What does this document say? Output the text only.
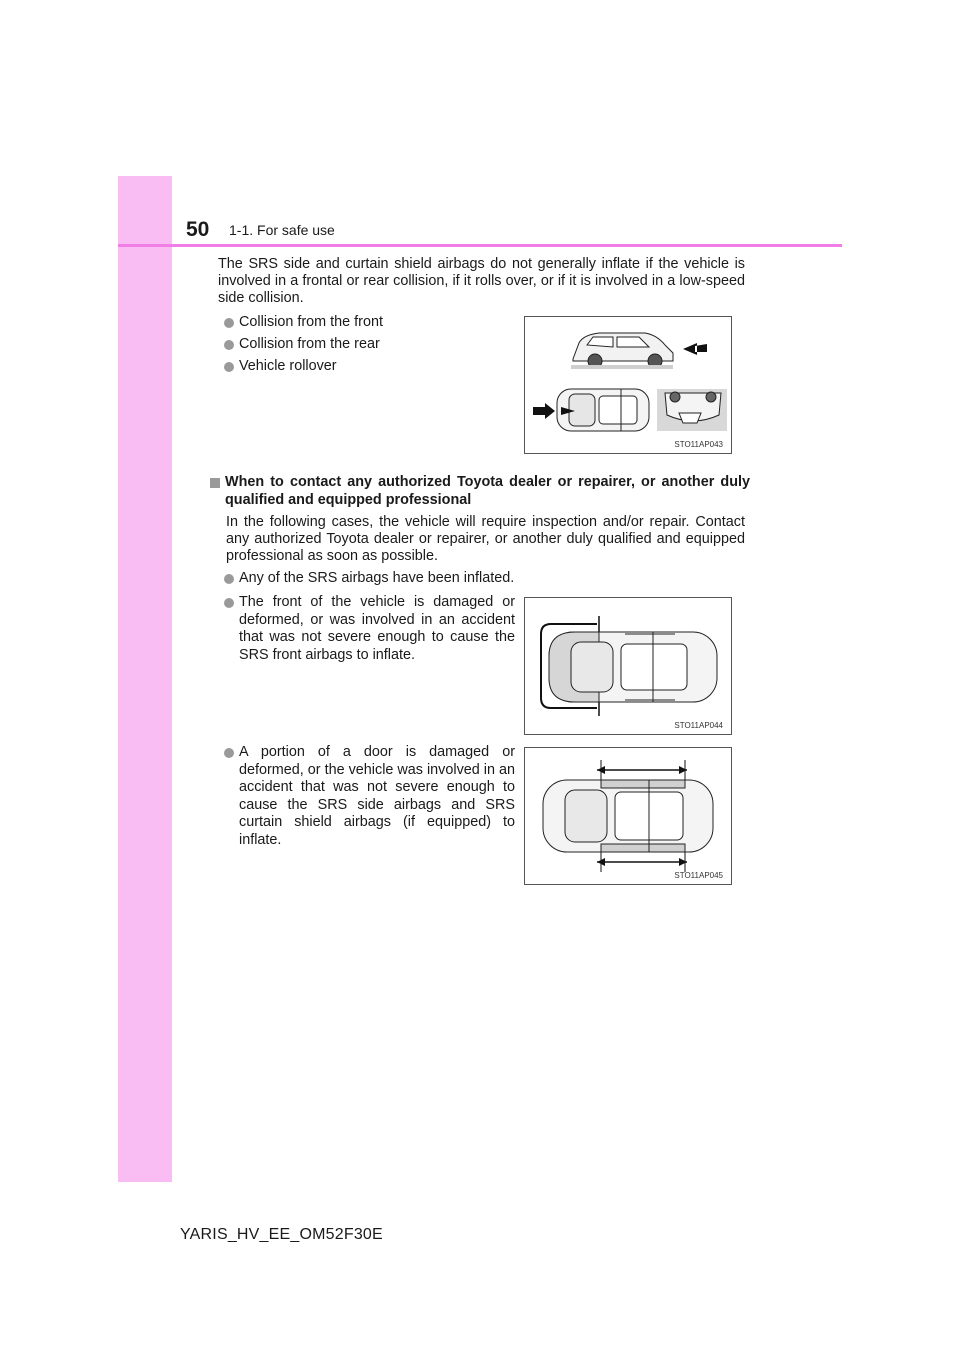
50 1-1. For safe use

The SRS side and curtain shield airbags do not generally inflate if the vehicle is involved in a frontal or rear collision, if it rolls over, or if it is involved in a low-speed side collision.

Collision from the front
Collision from the rear
Vehicle rollover
STO11AP043
When to contact any authorized Toyota dealer or repairer, or another duly qualified and equipped professional

In the following cases, the vehicle will require inspection and/or repair. Contact any authorized Toyota dealer or repairer, or another duly qualified and equipped professional as soon as possible.

Any of the SRS airbags have been inflated.
The front of the vehicle is damaged or deformed, or was involved in an accident that was not severe enough to cause the SRS front airbags to inflate.
STO11AP044
A portion of a door is damaged or deformed, or the vehicle was involved in an accident that was not severe enough to cause the SRS side airbags and SRS curtain shield airbags (if equipped) to inflate.
STO11AP045
YARIS_HV_EE_OM52F30E
